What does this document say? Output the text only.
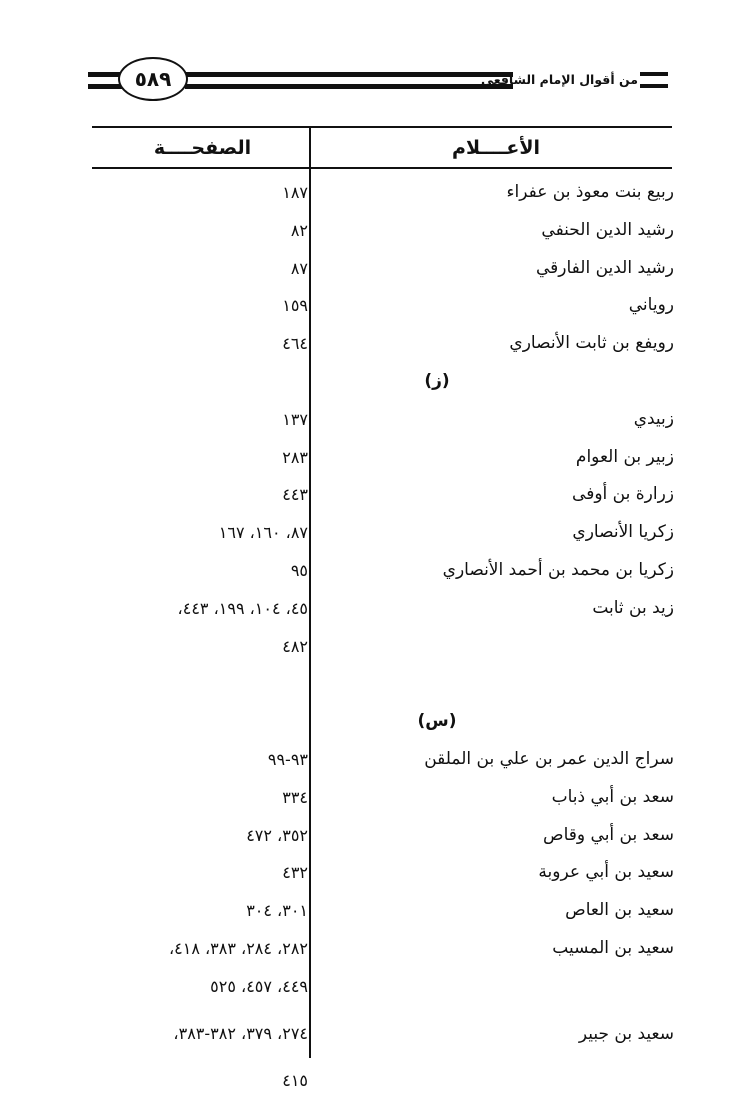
٥٨٩	من أقوال الإمام الشافعي
الأعــــلام
الصفحــــة
ربيع بنت معوذ بن عفراء
١٨٧
رشيد الدين الحنفي
٨٢
رشيد الدين الفارقي
٨٧
روياني
١٥٩
رويفع بن ثابت الأنصاري
٤٦٤
(ز)
زبيدي
١٣٧
زبير بن العوام
٢٨٣
زرارة بن أوفى
٤٤٣
زكريا الأنصاري
٨٧، ١٦٠، ١٦٧
زكريا بن محمد بن أحمد الأنصاري
٩٥
زيد بن ثابت
٤٥، ١٠٤، ١٩٩، ٤٤٣،
٤٨٢
(س)
سراج الدين عمر بن علي بن الملقن
٩٣-٩٩
سعد بن أبي ذباب
٣٣٤
سعد بن أبي وقاص
٣٥٢، ٤٧٢
سعيد بن أبي عروبة
٤٣٢
سعيد بن العاص
٣٠١، ٣٠٤
سعيد بن المسيب
٢٨٢، ٢٨٤، ٣٨٣، ٤١٨،
٤٤٩، ٤٥٧، ٥٢٥
سعيد بن جبير
٢٧٤، ٣٧٩، ٣٨٢-٣٨٣،
٤١٥
